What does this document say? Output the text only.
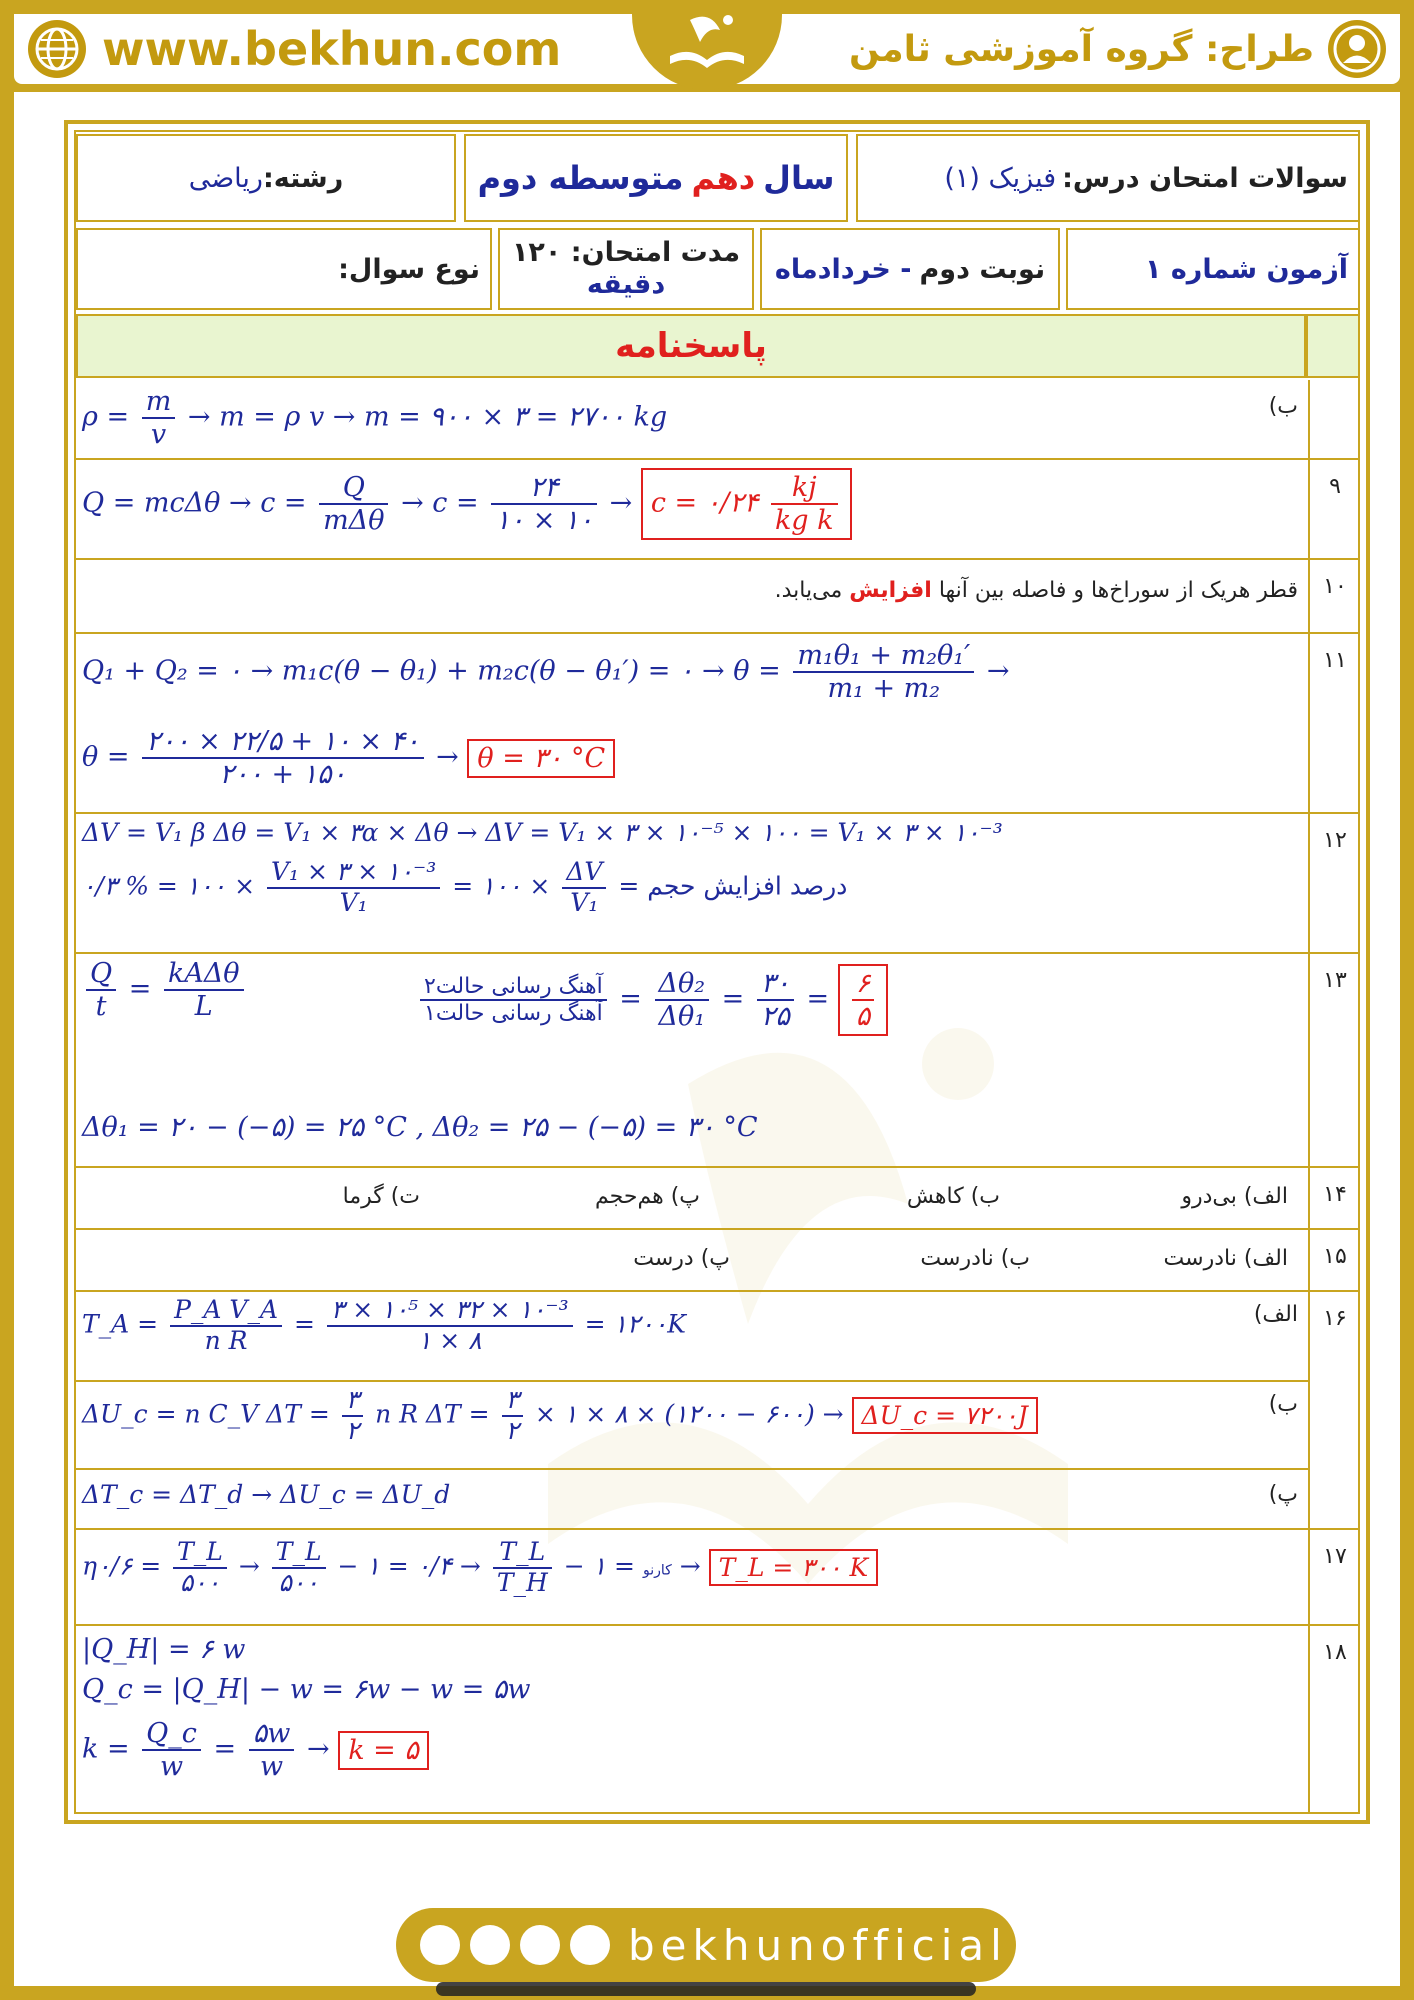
www.bekhun.com	طراح: گروه آموزشی ثامن
سوالات امتحان درس:
فیزیک (۱)
سال
دهم
متوسطه دوم
رشته:
ریاضی
آزمون شماره ۱
نوبت دوم
- خردادماه
مدت امتحان: ۱۲۰
دقیقه
نوع سوال:
پاسخنامه
ب)
$\rho = \frac{m}{v} \to m = \rho$ v → m = ۹۰۰ × ۳ = ۲۷۰۰ kg
۹
$Q = mc\Delta\theta \to c = \frac{Q}{\text{mΔθ}} \to c = \frac{۲۴}{۱۰ \times ۱۰} \to c$ = ۰/۲۴ $\frac{kj}{\text{kg k}}$
۱۰
قطر هریک از سوراخ‌ها و فاصله بین آنها افزایش می‌یابد.
۱۱
Q₁ + Q₂ = ۰ → m₁c(θ − θ₁) + m₂c(θ − θ₁′) = ۰ → $\theta = \frac{\text{m₁θ₁ + m₂θ₁′}}{\text{m₁ + m₂}}$ →
$\theta = \frac{۲۰۰ \times ۲۲/۵ + ۱۰ \times ۴۰}{۲۰۰ + ۱۵۰} \to \theta$ = ۳۰ °C
۱۲
ΔV = V₁ β Δθ = V₁ × ۳α × Δθ → ΔV = V₁ × ۳ × ۱۰⁻⁵ × ۱۰۰ = V₁ × ۳ × ۱۰⁻³
درصد افزایش حجم =
$\frac{\Delta V}{\text{V₁}}$
× ۱۰۰ =
$\frac{\text{V₁ × ۳ × ۱۰⁻³}}{\text{V₁}}$
× ۱۰۰ = % ۰/۳
۱۳
$\frac{Q}{t} = \frac{\text{kAΔθ}}{L}$	$\frac{\text{آهنگ رسانی حالت۲}}{\text{آهنگ رسانی حالت۱}} = \frac{\text{Δθ₂}}{\text{Δθ₁}} = \frac{۳۰}{۲۵} = \frac{۶}{۵}$
Δθ₁ = ۲۰ − (−۵) = ۲۵ °C , Δθ₂ = ۲۵ − (−۵) = ۳۰ °C
۱۴
الف) بی‌درو
ب) کاهش
پ) هم‌حجم
ت) گرما
۱۵
الف) نادرست
ب) نادرست
پ) درست
۱۶
الف)
T_A = $\frac{\text{P\_A V\_A}}{\text{n R}} = \frac{\text{۳ × ۱۰⁵ × ۳۲ × ۱۰⁻³}}{۱ \times ۸}$ = ۱۲۰۰K
ب)
ΔU_c = n C_V $\Delta T = \frac{۳}{۲}$ n R $\Delta T = \frac{۳}{۲}$ × ۱ × ۸ × (۱۲۰۰ − ۶۰۰) → ΔU_c = ۷۲۰۰J
پ)
ΔT_c = ΔT_d → ΔU_c = ΔU_d
۱۷
η	کارنو = ۱ −
$\frac{T\_L}{T\_H}$
→ ۰/۴ = ۱ −
$\frac{T\_L}{۵۰۰}$
→
$\frac{T\_L}{۵۰۰}$
= ۰/۶ → T_L = ۳۰۰ K
۱۸
|Q_H| = ۶ w
Q_c = |Q_H| − w = ۶w − w = ۵w
$k = \frac{Q\_c}{w} = \frac{۵w}{w} \to k$ = ۵
bekhunofficial
